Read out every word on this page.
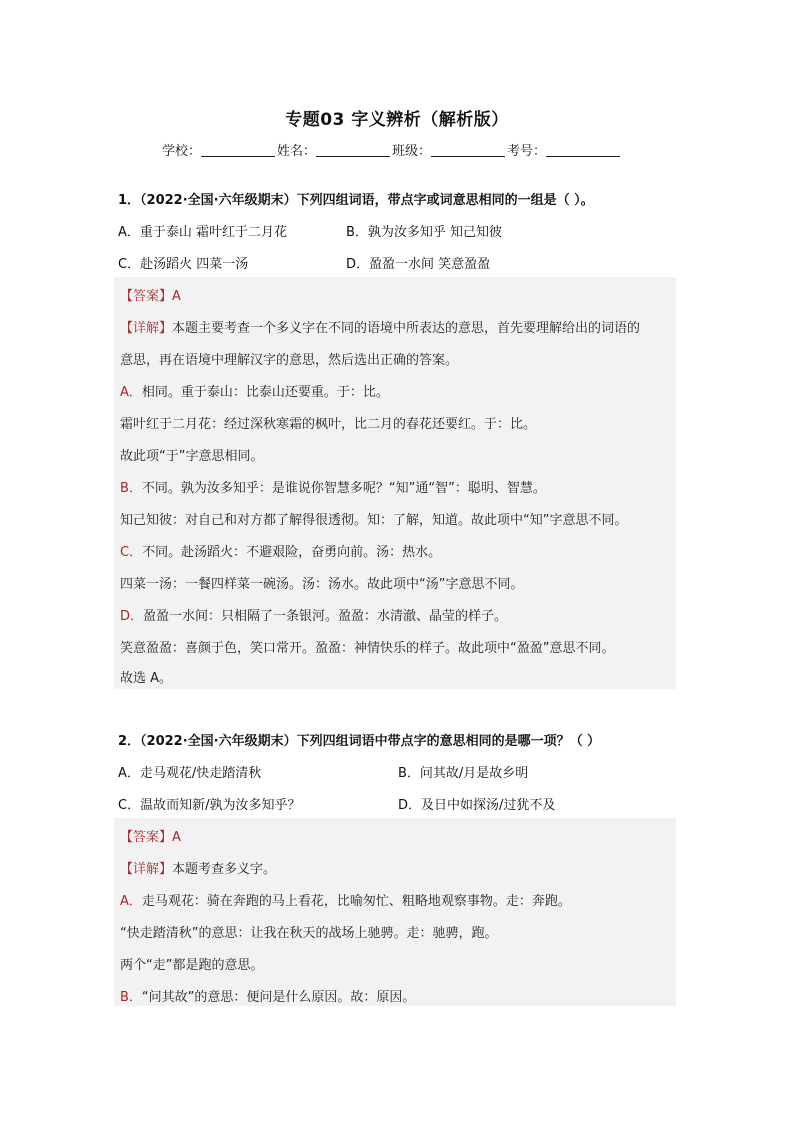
专题03 字义辨析（解析版）
学校：	姓名：	班级：	考号：
1．（2022·全国·六年级期末）下列四组词语，带点字或词意思相同的一组是（ ）。
A．重于泰山 霜叶红于二月花	B．孰为汝多知乎 知己知彼
C．赴汤蹈火 四菜一汤	D．盈盈一水间 笑意盈盈
【答案】A
【详解】本题主要考查一个多义字在不同的语境中所表达的意思，首先要理解给出的词语的
意思，再在语境中理解汉字的意思，然后选出正确的答案。
A．相同。重于泰山：比泰山还要重。于：比。
霜叶红于二月花：经过深秋寒霜的枫叶，比二月的春花还要红。于：比。
故此项“于”字意思相同。
B．不同。孰为汝多知乎：是谁说你智慧多呢？“知”通“智”：聪明、智慧。
知己知彼：对自己和对方都了解得很透彻。知：了解，知道。故此项中“知”字意思不同。
C．不同。赴汤蹈火：不避艰险，奋勇向前。汤：热水。
四菜一汤：一餐四样菜一碗汤。汤：汤水。故此项中“汤”字意思不同。
D．盈盈一水间：只相隔了一条银河。盈盈：水清澈、晶莹的样子。
笑意盈盈：喜颜于色，笑口常开。盈盈：神情快乐的样子。故此项中“盈盈”意思不同。
故选 A。
2．（2022·全国·六年级期末）下列四组词语中带点字的意思相同的是哪一项？（ ）
A．走马观花/快走踏清秋	B．问其故/月是故乡明
C．温故而知新/孰为汝多知乎？	D．及日中如探汤/过犹不及
【答案】A
【详解】本题考查多义字。
A．走马观花：骑在奔跑的马上看花，比喻匆忙、粗略地观察事物。走：奔跑。
“快走踏清秋”的意思：让我在秋天的战场上驰骋。走：驰骋，跑。
两个“走”都是跑的意思。
B．“问其故”的意思：便问是什么原因。故：原因。
